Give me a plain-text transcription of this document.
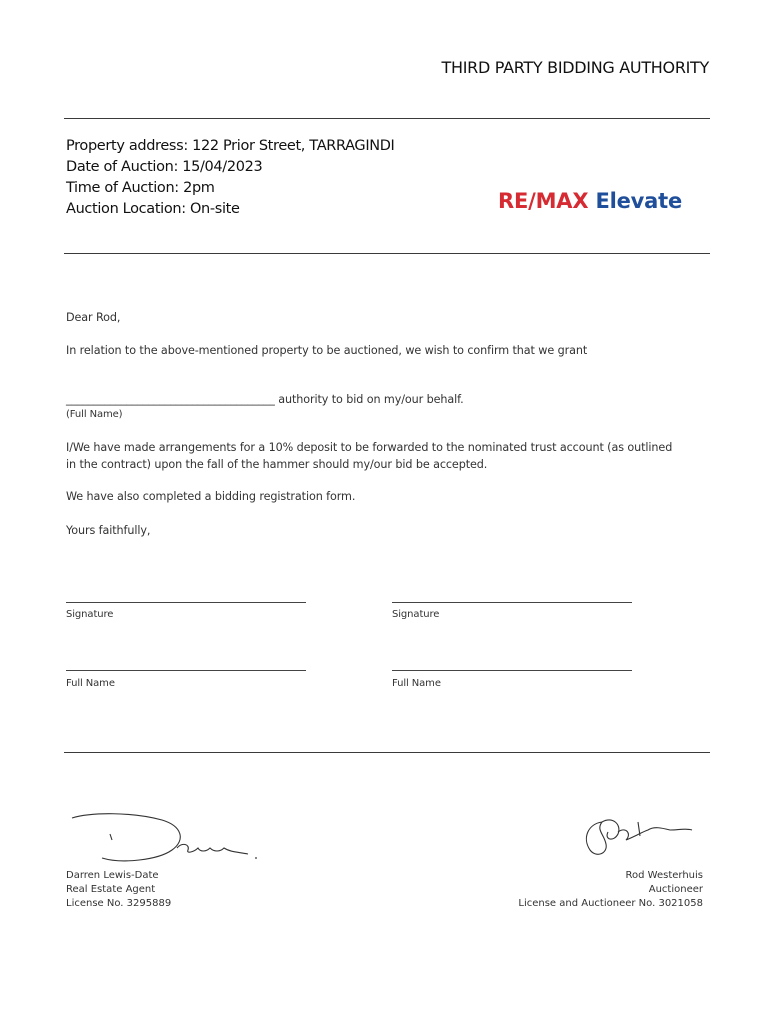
THIRD PARTY BIDDING AUTHORITY
Property address: 122 Prior Street, TARRAGINDI
Date of Auction: 15/04/2023
Time of Auction: 2pm
Auction Location: On-site	RE/MAX Elevate
Dear Rod,
In relation to the above-mentioned property to be auctioned, we wish to confirm that we grant
______________________________________ authority to bid on my/our behalf.
(Full Name)
I/We have made arrangements for a 10% deposit to be forwarded to the nominated trust account (as outlined
in the contract) upon the fall of the hammer should my/our bid be accepted.
We have also completed a bidding registration form.
Yours faithfully,
Signature	Signature
Full Name	Full Name
Darren Lewis-Date
Real Estate Agent
License No. 3295889
Rod Westerhuis
Auctioneer
License and Auctioneer No. 3021058
